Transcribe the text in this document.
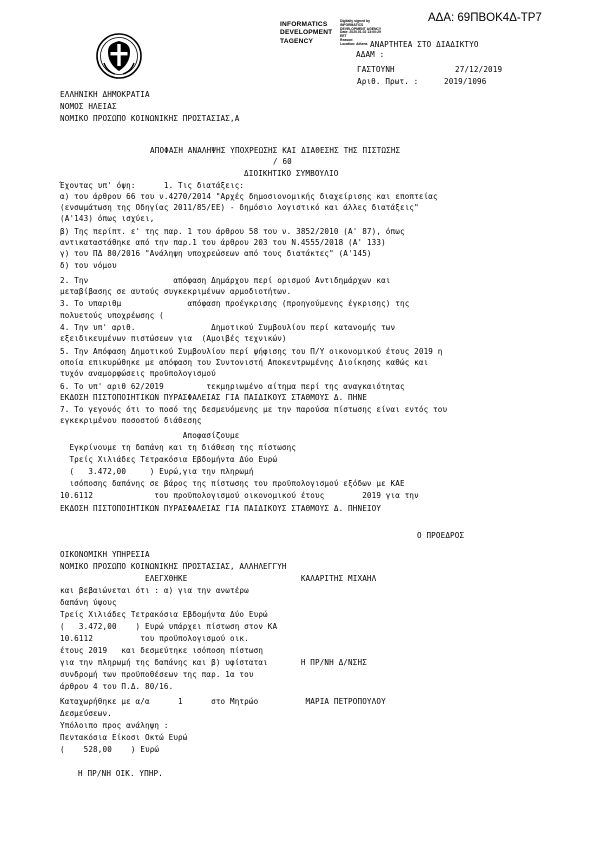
ΑΔΑ: 69ΠΒΟΚ4Δ-ΤΡ7
INFORMATICS
DEVELOPMENT
TAGENCY
Digitally signed by
INFORMATICS
DEVELOPMENT AGENCY
Date: 2020.01.02 13:00:29
EET
Reason:
Location: Athens ΑΝΑΡΤΗΤΕΑ ΣΤΟ ΔΙΑΔΙΚΤΥΟ
ΑΔΑΜ :
ΓΑΣΤΟΥΝΗ	27/12/2019
Αριθ. Πρωτ. :	2019/1096
ΕΛΛΗΝΙΚΗ ΔΗΜΟΚΡΑΤΙΑ
ΝΟΜΟΣ ΗΛΕΙΑΣ
ΝΟΜΙΚΟ ΠΡΟΣΩΠΟ ΚΟΙΝΩΝΙΚΗΣ ΠΡΟΣΤΑΣΙΑΣ,Α
ΑΠΟΦΑΣΗ ΑΝΑΛΗΨΗΣ ΥΠΟΧΡΕΩΣΗΣ ΚΑΙ ΔΙΑΘΕΣΗΣ ΤΗΣ ΠΙΣΤΩΣΗΣ
/ 60
ΔΙΟΙΚΗΤΙΚΟ ΣΥΜΒΟΥΛΙΟ
Έχοντας υπ' όψη:      1. Τις διατάξεις:
α) του άρθρου 66 του ν.4270/2014 "Αρχές δημοσιονομικής διαχείρισης και εποπτείας
(ενσωμάτωση της Οδηγίας 2011/85/ΕΕ) - δημόσιο λογιστικό και άλλες διατάξεις"
(Α'143) όπως ισχύει,
β) Της περίπτ. ε' της παρ. 1 του άρθρου 58 του ν. 3852/2010 (Α' 87), όπως
αντικαταστάθηκε από την παρ.1 του άρθρου 203 του Ν.4555/2018 (Α' 133)
γ) του ΠΔ 80/2016 "Ανάληψη υποχρεώσεων από τους διατάκτες" (Α'145)
δ) του νόμου
2. Την                  απόφαση Δημάρχου περί ορισμού Αντιδημάρχων και
μεταβίβασης σε αυτούς συγκεκριμένων αρμοδιοτήτων.
3. Το υπαριθμ              απόφαση προέγκρισης (προηγούμενης έγκρισης) της
πολυετούς υποχρέωσης (
4. Την υπ' αριθ.                Δημοτικού Συμβουλίου περί κατανομής των
εξειδικευμένων πιστώσεων για  (Αμοιβές τεχνικών)
5. Την Απόφαση Δημοτικού Συμβουλίου περί ψήφισης του Π/Υ οικονομικού έτους 2019 η
οποία επικυρώθηκε με απόφαση του Συντονιστή Αποκεντρωμένης Διοίκησης καθώς και
τυχόν αναμορφώσεις προϋπολογισμού
6. Το υπ' αριθ 62/2019         τεκμηριωμένο αίτημα περί της αναγκαιότητας
ΕΚΔΟΣΗ ΠΙΣΤΟΠΟΙΗΤΙΚΩΝ ΠΥΡΑΣΦΑΛΕΙΑΣ ΓΙΑ ΠΑΙΔΙΚΟΥΣ ΣΤΑΘΜΟΥΣ Δ. ΠΗΝΕ
7. Το γεγονός ότι το ποσό της δεσμευόμενης με την παρούσα πίστωσης είναι εντός του
εγκεκριμένου ποσοστού διάθεσης
Αποφασίζουμε
Εγκρίνουμε τη δαπάνη και τη διάθεση της πίστωσης
Τρείς Χιλιάδες Τετρακόσια Εβδομήντα Δύο Ευρώ
(   3.472,00     ) Ευρώ,για την πληρωμή
ισόποσης δαπάνης σε βάρος της πίστωσης του προϋπολογισμού εξόδων με ΚΑΕ
10.6112             του προϋπολογισμού οικονομικού έτους        2019 για την
ΕΚΔΟΣΗ ΠΙΣΤΟΠΟΙΗΤΙΚΩΝ ΠΥΡΑΣΦΑΛΕΙΑΣ ΓΙΑ ΠΑΙΔΙΚΟΥΣ ΣΤΑΘΜΟΥΣ Δ. ΠΗΝΕΙΟΥ
Ο ΠΡΟΕΔΡΟΣ
ΟΙΚΟΝΟΜΙΚΗ ΥΠΗΡΕΣΙΑ
ΝΟΜΙΚΟ ΠΡΟΣΩΠΟ ΚΟΙΝΩΝΙΚΗΣ ΠΡΟΣΤΑΣΙΑΣ, ΑΛΛΗΛΕΓΓΥΗ
ΕΛΕΓΧΘΗΚΕ                        ΚΑΛΑΡΙΤΗΣ ΜΙΧΑΗΛ
και βεβαιώνεται ότι : α) για την ανωτέρω
δαπάνη ύψους
Τρείς Χιλιάδες Τετρακόσια Εβδομήντα Δύο Ευρώ
(   3.472,00    ) Ευρώ υπάρχει πίστωση στον ΚΑ
10.6112          του προϋπολογισμού οικ.
έτους 2019   και δεσμεύτηκε ισόποση πίστωση
για την πληρωμή της δαπάνης και β) υφίσταται       Η ΠΡ/ΝΗ Δ/ΝΣΗΣ
συνδρομή των προϋποθέσεων της παρ. 1α του
άρθρου 4 του Π.Δ. 80/16.
Καταχωρήθηκε με α/α      1      στο Μητρώο          ΜΑΡΙΑ ΠΕΤΡΟΠΟΥΛΟΥ
Δεσμεύσεων.
Υπόλοιπο προς ανάληψη :
Πεντακόσια Είκοσι Οκτώ Ευρώ
(    528,00    ) Ευρώ
Η ΠΡ/ΝΗ ΟΙΚ. ΥΠΗΡ.
